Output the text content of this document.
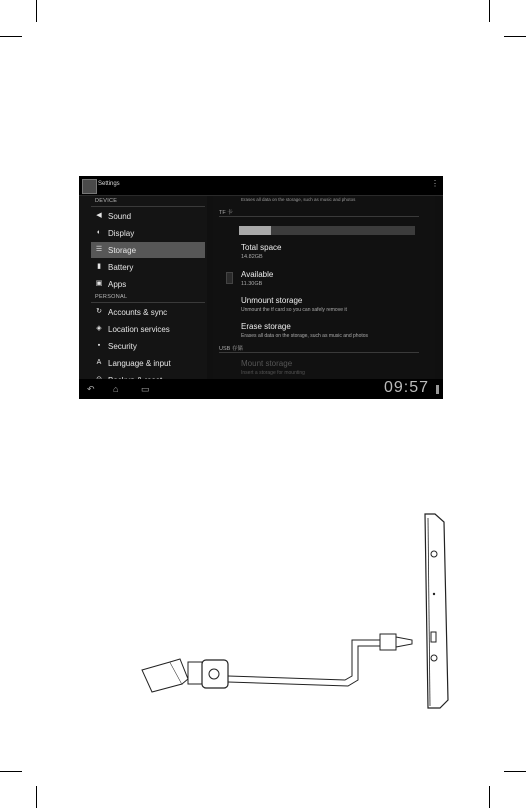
Settings	⋮
DEVICE
◀ Sound
◐ Display
☰ Storage
▮ Battery
▣ Apps
PERSONAL
↻ Accounts & sync
◈ Location services
▪ Security
A Language & input
Erases all data on the storage, such as music and photos
TF 卡
Total space
14.82GB
Available
11.30GB
Unmount storage
Unmount the tf card so you can safely remove it
Erase storage
Erases all data on the storage, such as music and photos
USB 存储
Mount storage
Insert a storage for mounting
↶ ⌂	▭	09:57
